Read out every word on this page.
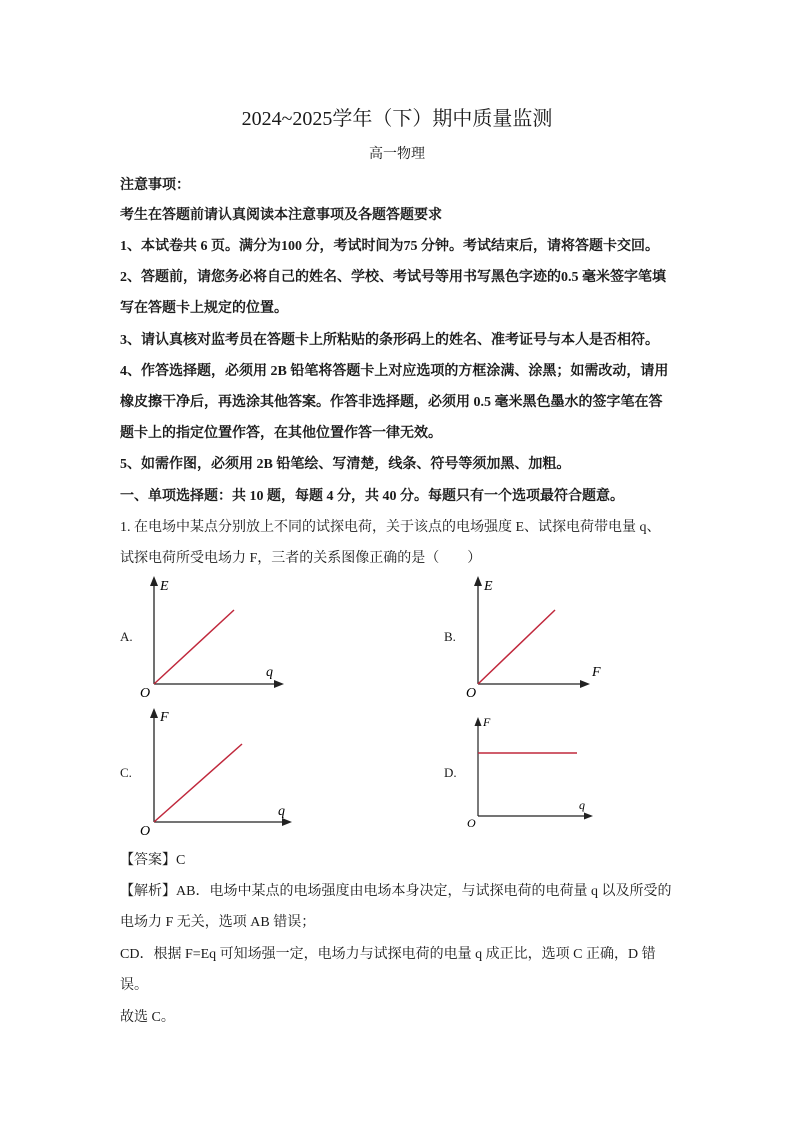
2024~2025学年（下）期中质量监测
高一物理
注意事项：
考生在答题前请认真阅读本注意事项及各题答题要求
1、本试卷共 6 页。满分为100 分，考试时间为75 分钟。考试结束后，请将答题卡交回。
2、答题前，请您务必将自己的姓名、学校、考试号等用书写黑色字迹的0.5 毫米签字笔填
写在答题卡上规定的位置。
3、请认真核对监考员在答题卡上所粘贴的条形码上的姓名、准考证号与本人是否相符。
4、作答选择题，必须用 2B 铅笔将答题卡上对应选项的方框涂满、涂黑；如需改动，请用
橡皮擦干净后，再选涂其他答案。作答非选择题，必须用 0.5 毫米黑色墨水的签字笔在答
题卡上的指定位置作答，在其他位置作答一律无效。
5、如需作图，必须用 2B 铅笔绘、写清楚，线条、符号等须加黑、加粗。
一、单项选择题：共 10 题，每题 4 分，共 40 分。每题只有一个选项最符合题意。
1. 在电场中某点分别放上不同的试探电荷，关于该点的电场强度 E、试探电荷带电量 q、
试探电荷所受电场力 F，三者的关系图像正确的是（　　）
A.
E
q
O
B.
E
F
O
C.
F
q
O
D.
F
q
O
【答案】C
【解析】AB．电场中某点的电场强度由电场本身决定，与试探电荷的电荷量 q 以及所受的
电场力 F 无关，选项 AB 错误；
CD．根据 F=Eq 可知场强一定，电场力与试探电荷的电量 q 成正比，选项 C 正确，D 错
误。
故选 C。
